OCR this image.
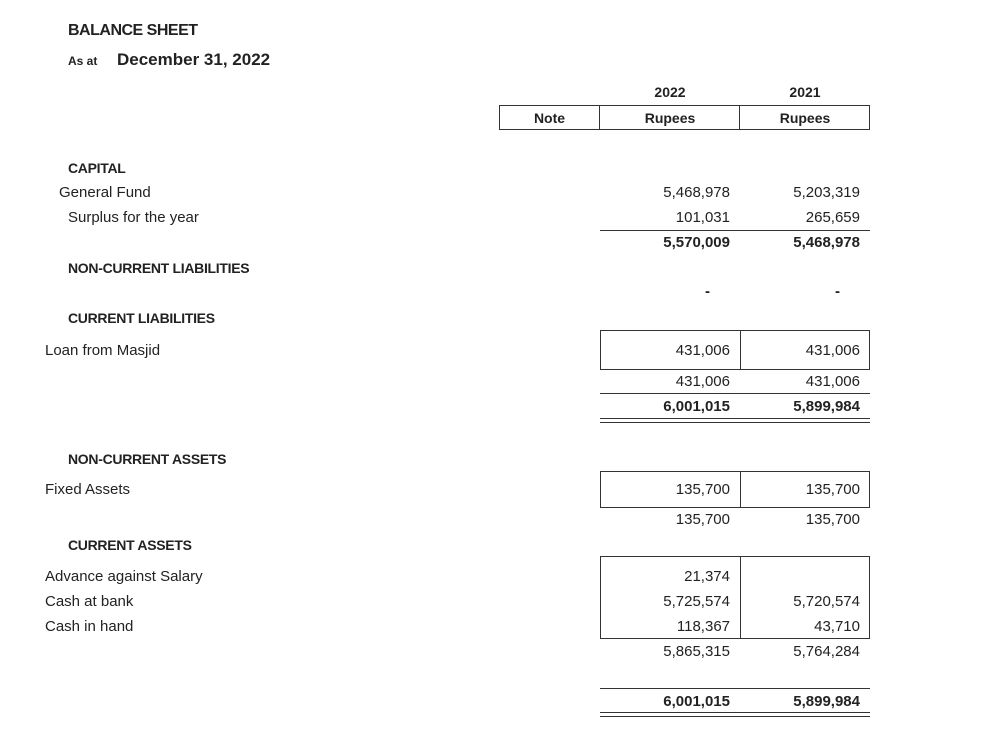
BALANCE SHEET
As at December 31, 2022
2022	2021
Note	Rupees	Rupees
CAPITAL
General Fund	5,468,978	5,203,319
Surplus for the year	101,031	265,659
5,570,009	5,468,978
NON-CURRENT LIABILITIES
-	-
CURRENT LIABILITIES
Loan from Masjid	431,006	431,006
431,006	431,006
6,001,015	5,899,984
NON-CURRENT ASSETS
Fixed Assets	135,700	135,700
135,700	135,700
CURRENT ASSETS
Advance against Salary	21,374
Cash at bank	5,725,574	5,720,574
Cash in hand	118,367	43,710
5,865,315	5,764,284
6,001,015	5,899,984
